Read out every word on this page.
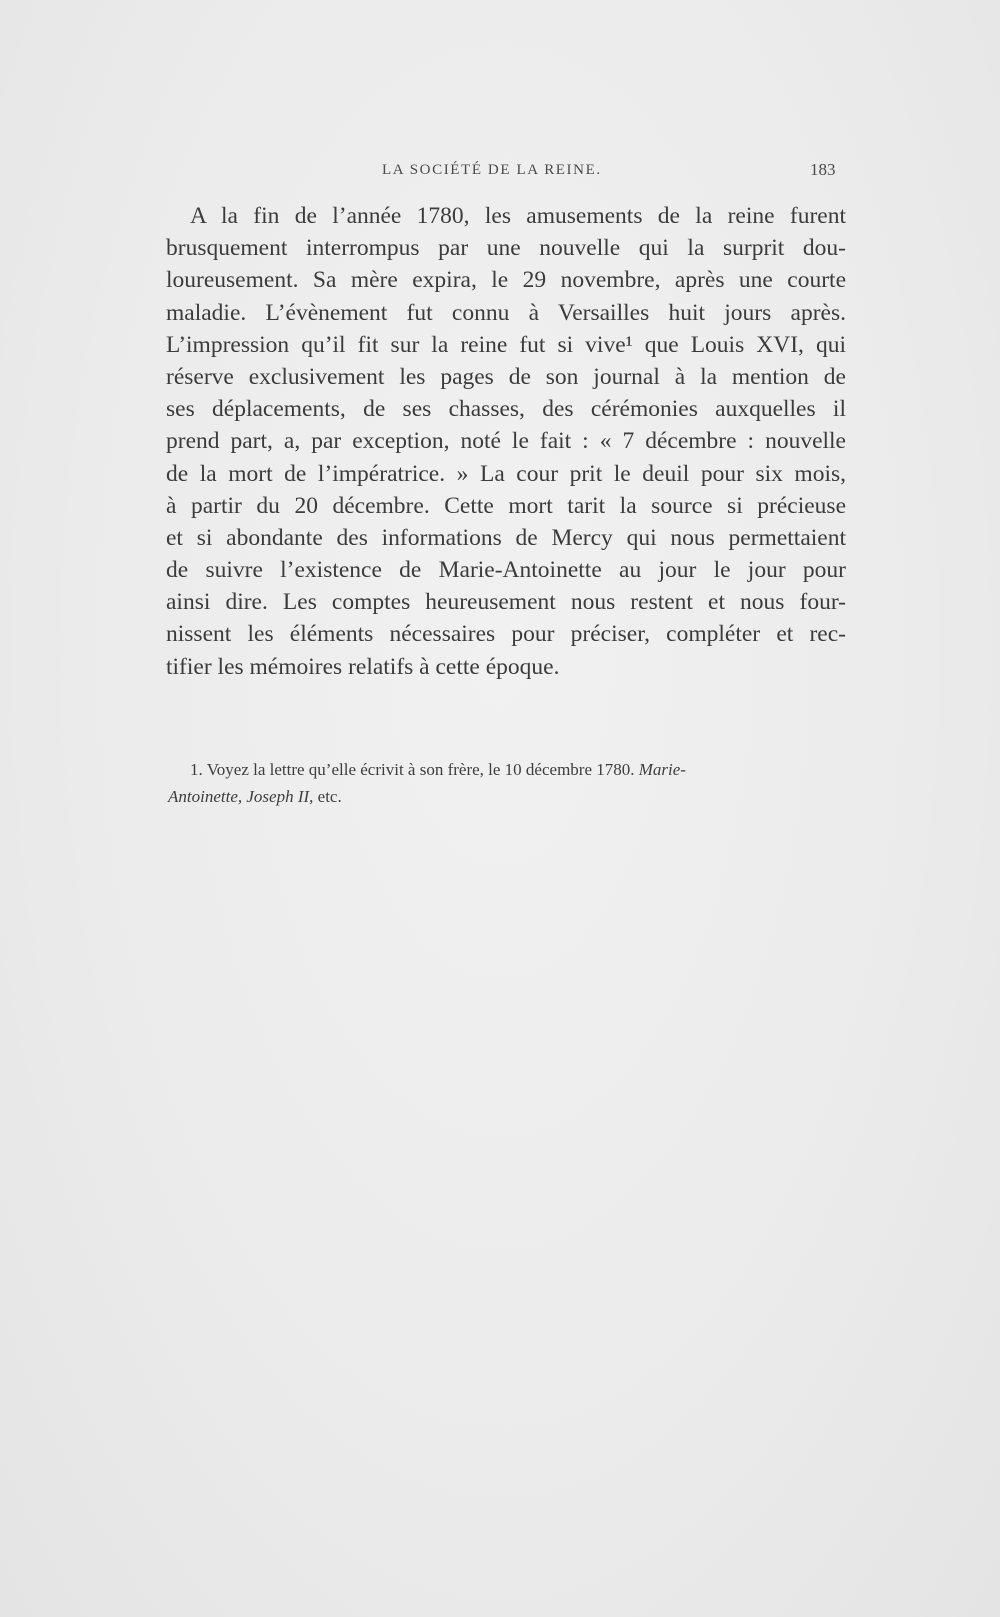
LA SOCIÉTÉ DE LA REINE.	183
A la fin de l’année 1780, les amusements de la reine furent
brusquement interrompus par une nouvelle qui la surprit dou-
loureusement. Sa mère expira, le 29 novembre, après une courte
maladie. L’évènement fut connu à Versailles huit jours après.
L’impression qu’il fit sur la reine fut si vive¹ que Louis XVI, qui
réserve exclusivement les pages de son journal à la mention de
ses déplacements, de ses chasses, des cérémonies auxquelles il
prend part, a, par exception, noté le fait : « 7 décembre : nouvelle
de la mort de l’impératrice. » La cour prit le deuil pour six mois,
à partir du 20 décembre. Cette mort tarit la source si précieuse
et si abondante des informations de Mercy qui nous permettaient
de suivre l’existence de Marie-Antoinette au jour le jour pour
ainsi dire. Les comptes heureusement nous restent et nous four-
nissent les éléments nécessaires pour préciser, compléter et rec-
tifier les mémoires relatifs à cette époque.
1. Voyez la lettre qu’elle écrivit à son frère, le 10 décembre 1780. Marie-
Antoinette, Joseph II, etc.
